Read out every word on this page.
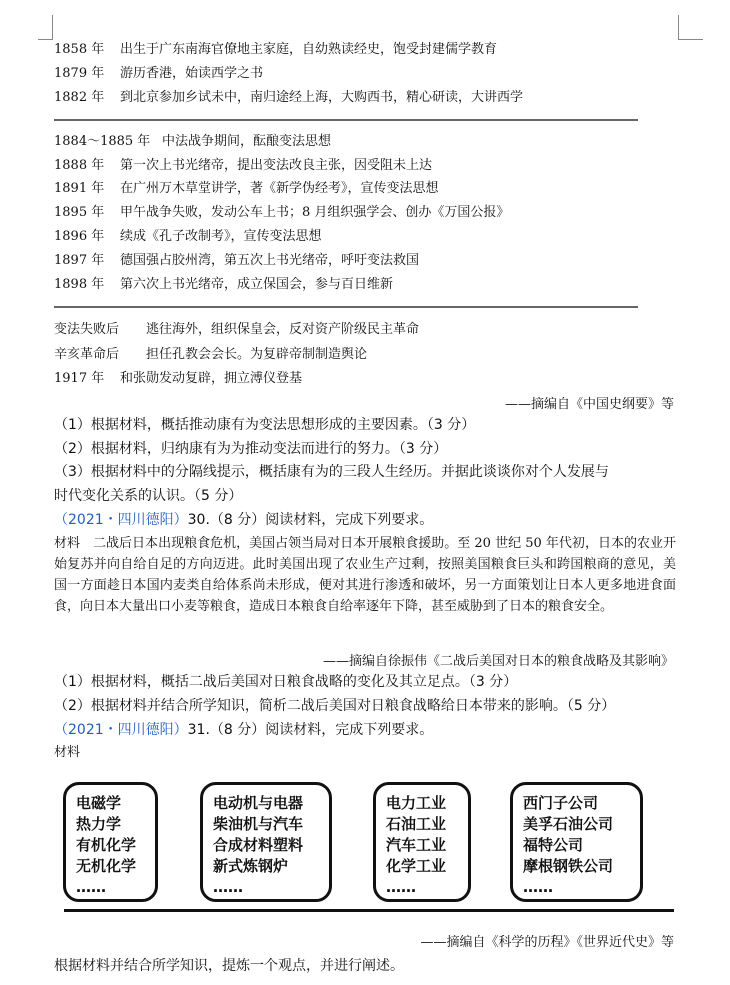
1858 年 出生于广东南海官僚地主家庭，自幼熟读经史，饱受封建儒学教育
1879 年 游历香港，始读西学之书
1882 年 到北京参加乡试未中，南归途经上海，大购西书，精心研读，大讲西学
1884～1885 年 中法战争期间，酝酿变法思想
1888 年 第一次上书光绪帝，提出变法改良主张，因受阻未上达
1891 年 在广州万木草堂讲学，著《新学伪经考》，宣传变法思想
1895 年 甲午战争失败，发动公车上书；8 月组织强学会、创办《万国公报》
1896 年 续成《孔子改制考》，宣传变法思想
1897 年 德国强占胶州湾，第五次上书光绪帝，呼吁变法救国
1898 年 第六次上书光绪帝，成立保国会，参与百日维新
变法失败后 逃往海外，组织保皇会，反对资产阶级民主革命
辛亥革命后 担任孔教会会长。为复辟帝制制造舆论
1917 年 和张勋发动复辟，拥立溥仪登基
——摘编自《中国史纲要》等
（1）根据材料，概括推动康有为变法思想形成的主要因素。（3 分）
（2）根据材料，归纳康有为为推动变法而进行的努力。（3 分）
（3）根据材料中的分隔线提示，概括康有为的三段人生经历。并据此谈谈你对个人发展与
时代变化关系的认识。（5 分）
（2021・四川德阳）30.（8 分）阅读材料，完成下列要求。
材料　二战后日本出现粮食危机，美国占领当局对日本开展粮食援助。至 20 世纪 50 年代初，日本的农业开始复苏并向自给自足的方向迈进。此时美国出现了农业生产过剩，按照美国粮食巨头和跨国粮商的意见，美国一方面趁日本国内麦类自给体系尚未形成，便对其进行渗透和破坏，另一方面策划让日本人更多地进食面食，向日本大量出口小麦等粮食，造成日本粮食自给率逐年下降，甚至威胁到了日本的粮食安全。
——摘编自徐振伟《二战后美国对日本的粮食战略及其影响》
（1）根据材料，概括二战后美国对日粮食战略的变化及其立足点。（3 分）
（2）根据材料并结合所学知识，简析二战后美国对日粮食战略给日本带来的影响。（5 分）
（2021・四川德阳）31.（8 分）阅读材料，完成下列要求。
材料
电磁学
热力学
有机化学
无机化学
……
电动机与电器
柴油机与汽车
合成材料塑料
新式炼钢炉
……
电力工业
石油工业
汽车工业
化学工业
……
西门子公司
美孚石油公司
福特公司
摩根钢铁公司
……
——摘编自《科学的历程》《世界近代史》等
根据材料并结合所学知识，提炼一个观点，并进行阐述。
